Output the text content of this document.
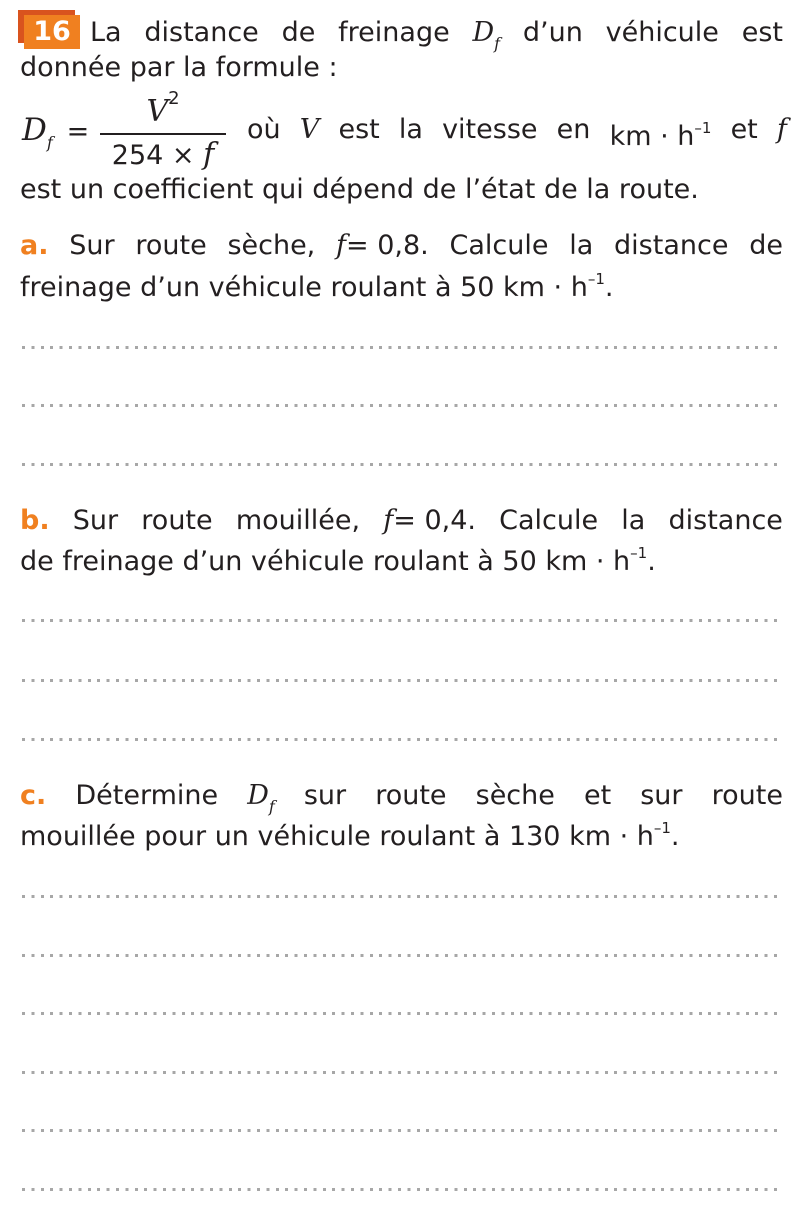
16 La distance de freinage $D_f$ d’un véhicule est
donnée par la formule :
$D_f$ =
$V^2$
254 × f
où V est la vitesse en km · $h^{-1}$ et f
est un coefficient qui dépend de l’état de la route.
a. Sur route sèche, f= 0,8. Calcule la distance de
freinage d’un véhicule roulant à 50 km · $h^{-1}$.
b. Sur route mouillée, f= 0,4. Calcule la distance
de freinage d’un véhicule roulant à 50 km · $h^{-1}$.
c. Détermine $D_f$ sur route sèche et sur route
mouillée pour un véhicule roulant à 130 km · $h^{-1}$.
